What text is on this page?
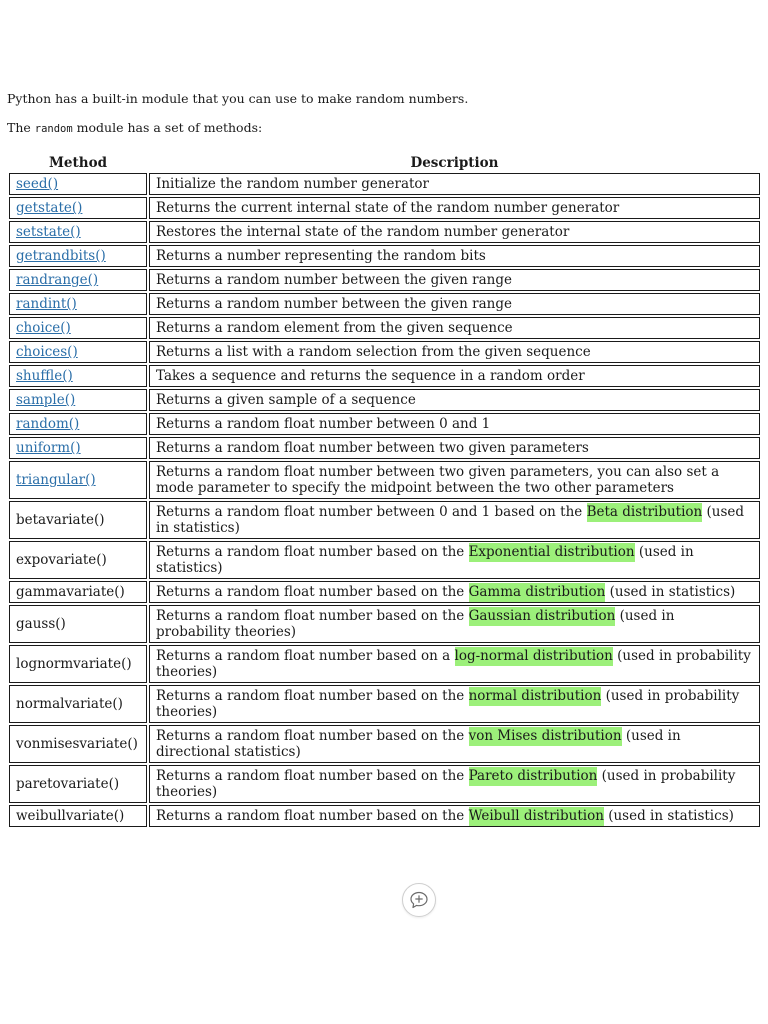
Python has a built-in module that you can use to make random numbers.

The random module has a set of methods:

Method	Description
seed()	Initialize the random number generator
getstate()	Returns the current internal state of the random number generator
setstate()	Restores the internal state of the random number generator
getrandbits()	Returns a number representing the random bits
randrange()	Returns a random number between the given range
randint()	Returns a random number between the given range
choice()	Returns a random element from the given sequence
choices()	Returns a list with a random selection from the given sequence
shuffle()	Takes a sequence and returns the sequence in a random order
sample()	Returns a given sample of a sequence
random()	Returns a random float number between 0 and 1
uniform()	Returns a random float number between two given parameters
triangular()	Returns a random float number between two given parameters, you can also set a mode parameter to specify the midpoint between the two other parameters
betavariate()	Returns a random float number between 0 and 1 based on the Beta distribution (used in statistics)
expovariate()	Returns a random float number based on the Exponential distribution (used in statistics)
gammavariate()	Returns a random float number based on the Gamma distribution (used in statistics)
gauss()	Returns a random float number based on the Gaussian distribution (used in probability theories)
lognormvariate()	Returns a random float number based on a log-normal distribution (used in probability theories)
normalvariate()	Returns a random float number based on the normal distribution (used in probability theories)
vonmisesvariate()	Returns a random float number based on the von Mises distribution (used in directional statistics)
paretovariate()	Returns a random float number based on the Pareto distribution (used in probability theories)
weibullvariate()	Returns a random float number based on the Weibull distribution (used in statistics)
